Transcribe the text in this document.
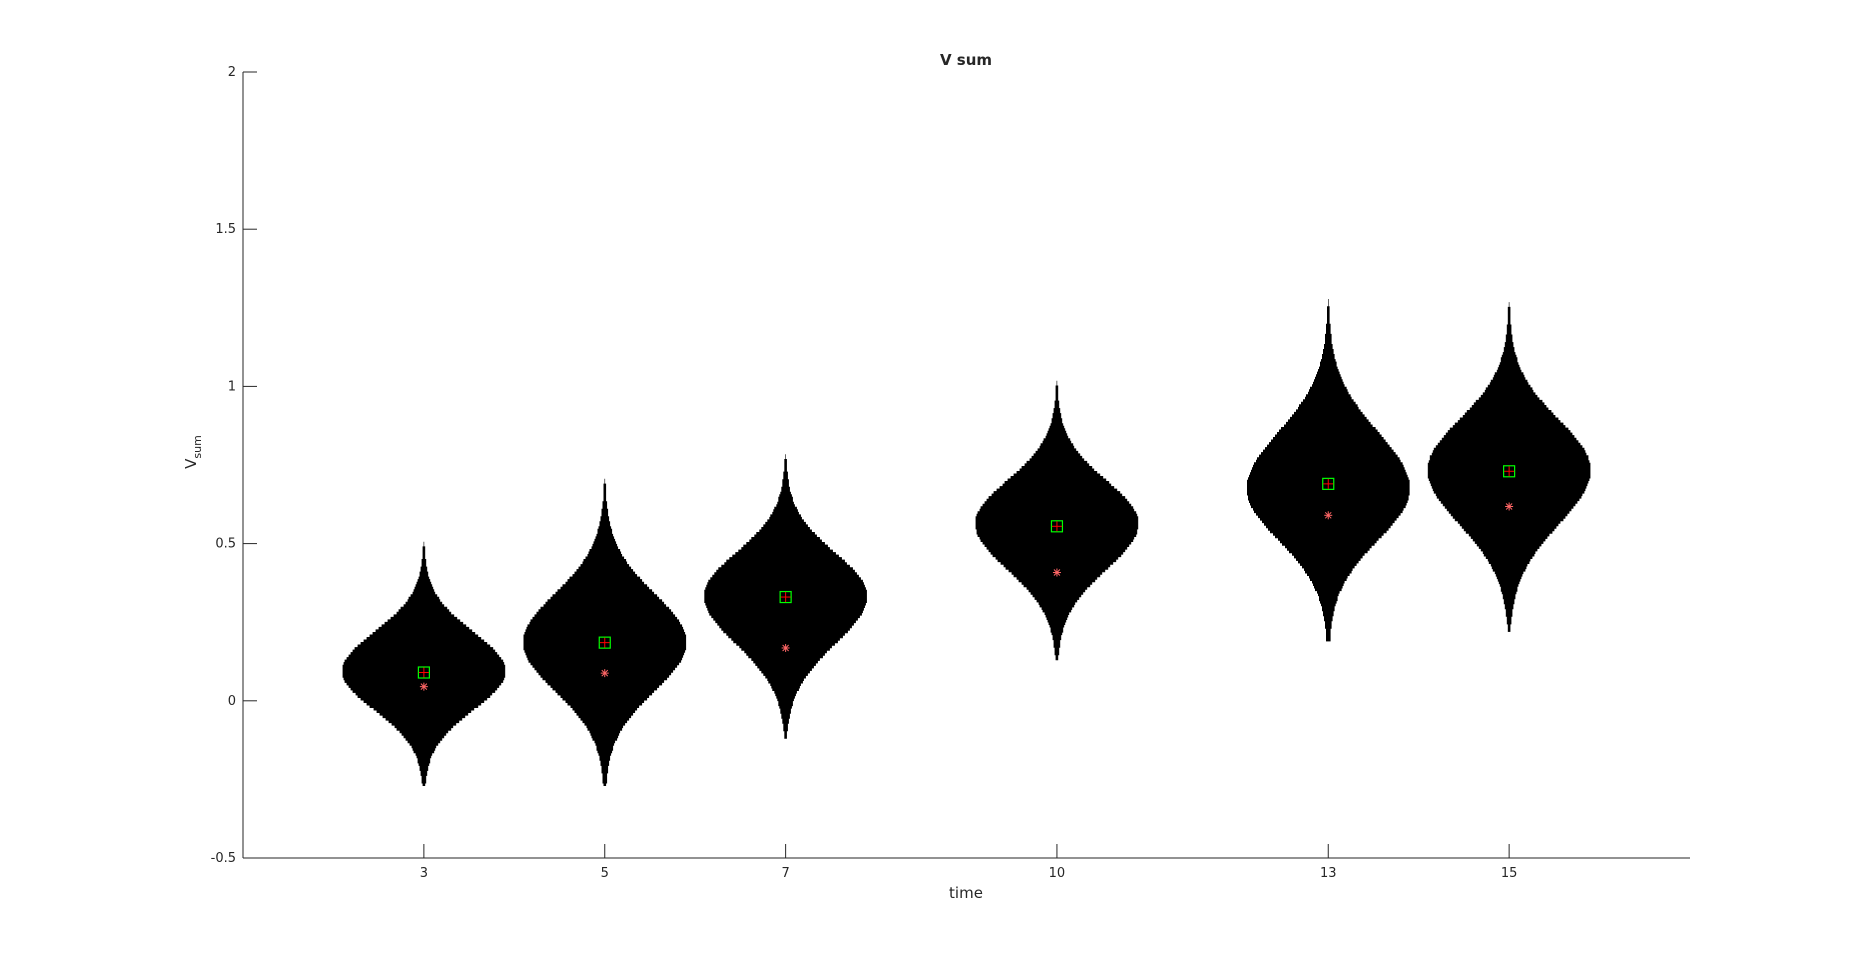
V sum
-0.5
0
0.5
1
1.5
2
3	5	7	10	13	15
time
$V_{sum}$
